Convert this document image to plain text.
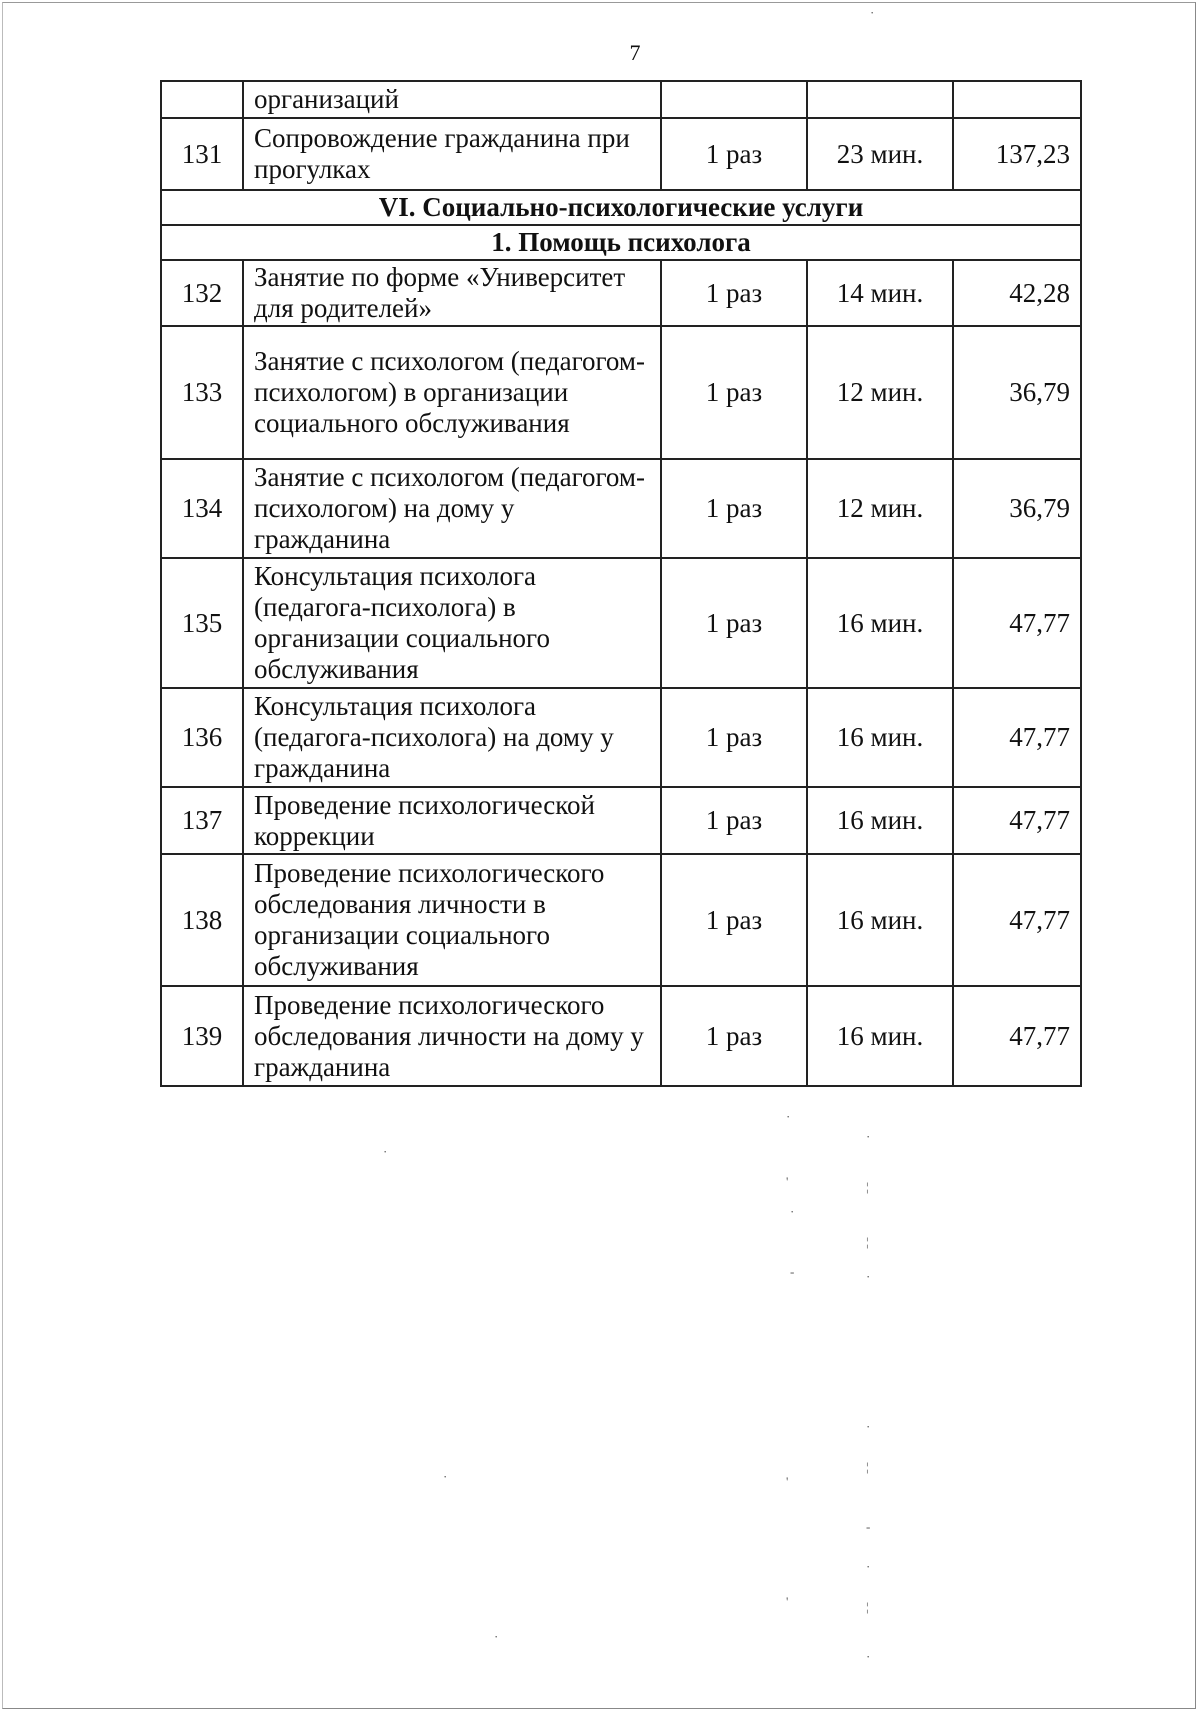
7
	организаций			
131	Сопровождение гражданина при прогулках	1 раз	23 мин.	137,23
VI. Социально-психологические услуги				
1. Помощь психолога				
132	Занятие по форме «Университет для родителей»	1 раз	14 мин.	42,28
133	Занятие с психологом (педагогом-психологом) в организации социального обслуживания	1 раз	12 мин.	36,79
134	Занятие с психологом (педагогом-психологом) на дому у гражданина	1 раз	12 мин.	36,79
135	Консультация психолога (педагога-психолога) в организации социального обслуживания	1 раз	16 мин.	47,77
136	Консультация психолога (педагога-психолога) на дому у гражданина	1 раз	16 мин.	47,77
137	Проведение психологической коррекции	1 раз	16 мин.	47,77
138	Проведение психологического обследования личности в организации социального обслуживания	1 раз	16 мин.	47,77
139	Проведение психологического обследования личности на дому у гражданина	1 раз	16 мин.	47,77
·
·
'	¦
·
¦
-	·
·
·
·
¦
'
-
·
'	¦
·
·
·
